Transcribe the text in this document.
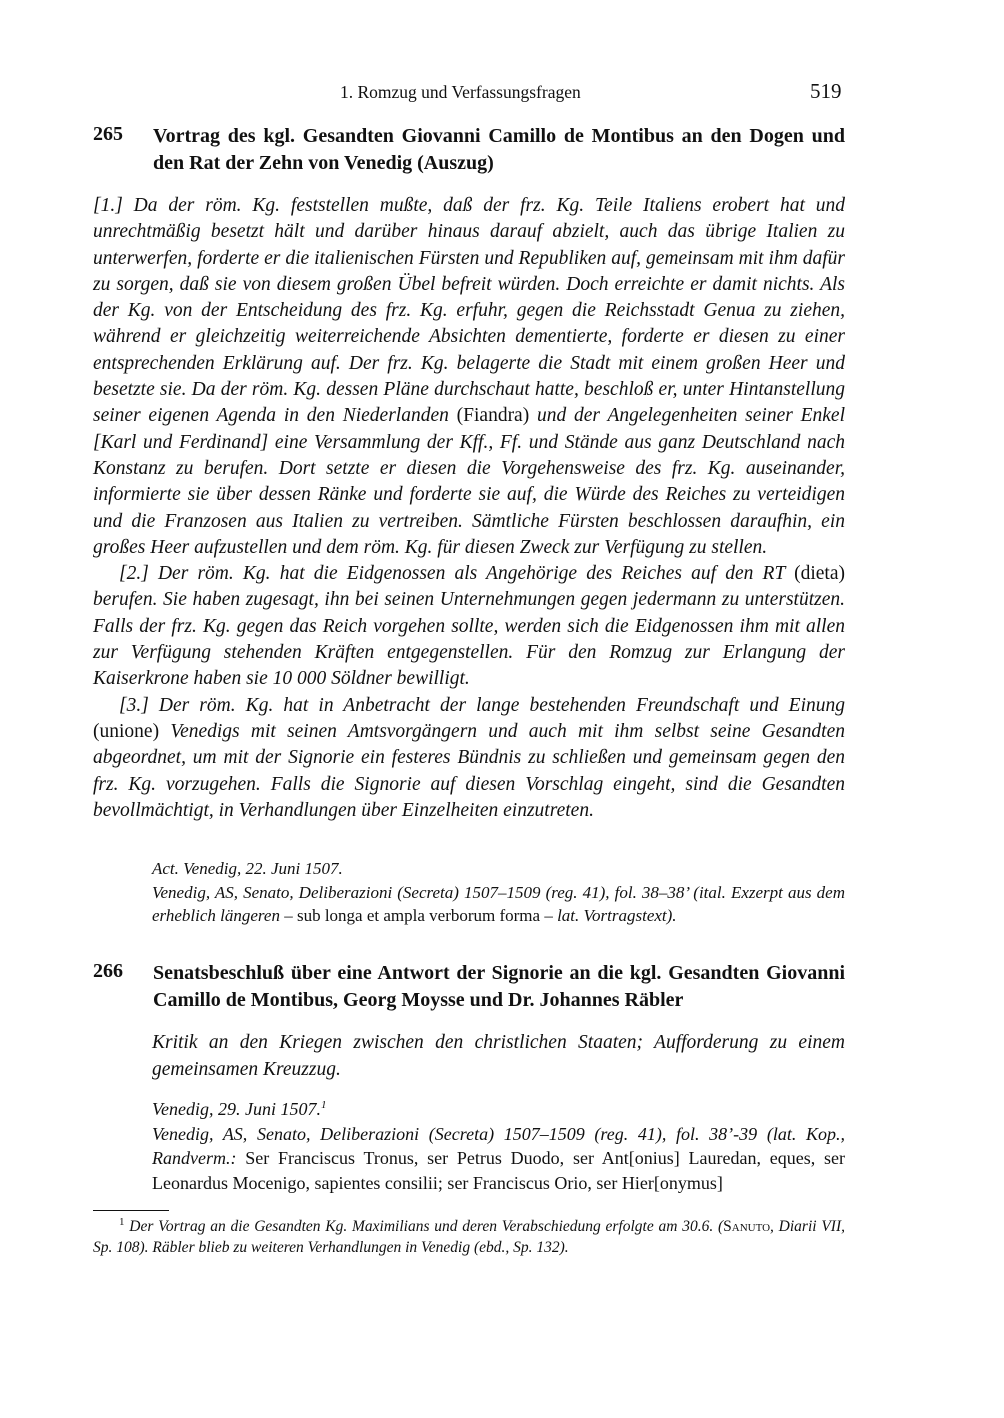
1. Romzug und Verfassungsfragen	519
265 Vortrag des kgl. Gesandten Giovanni Camillo de Montibus an den Dogen und den Rat der Zehn von Venedig (Auszug)

[1.] Da der röm. Kg. feststellen mußte, daß der frz. Kg. Teile Italiens erobert hat und unrechtmäßig besetzt hält und darüber hinaus darauf abzielt, auch das übrige Italien zu unterwerfen, forderte er die italienischen Fürsten und Republiken auf, gemeinsam mit ihm dafür zu sorgen, daß sie von diesem großen Übel befreit würden. Doch erreichte er damit nichts. Als der Kg. von der Entscheidung des frz. Kg. erfuhr, gegen die Reichsstadt Genua zu ziehen, während er gleichzeitig weiterreichende Absichten dementierte, forderte er diesen zu einer entsprechenden Erklärung auf. Der frz. Kg. belagerte die Stadt mit einem großen Heer und besetzte sie. Da der röm. Kg. dessen Pläne durchschaut hatte, beschloß er, unter Hintanstellung seiner eigenen Agenda in den Niederlanden (Fiandra) und der Angelegenheiten seiner Enkel [Karl und Ferdinand] eine Versammlung der Kff., Ff. und Stände aus ganz Deutschland nach Konstanz zu berufen. Dort setzte er diesen die Vorgehensweise des frz. Kg. auseinander, informierte sie über dessen Ränke und forderte sie auf, die Würde des Reiches zu verteidigen und die Franzosen aus Italien zu vertreiben. Sämtliche Fürsten beschlossen daraufhin, ein großes Heer aufzustellen und dem röm. Kg. für diesen Zweck zur Verfügung zu stellen.

[2.] Der röm. Kg. hat die Eidgenossen als Angehörige des Reiches auf den RT (dieta) berufen. Sie haben zugesagt, ihn bei seinen Unternehmungen gegen jedermann zu unterstützen. Falls der frz. Kg. gegen das Reich vorgehen sollte, werden sich die Eidgenossen ihm mit allen zur Verfügung stehenden Kräften entgegenstellen. Für den Romzug zur Erlangung der Kaiserkrone haben sie 10 000 Söldner bewilligt.

[3.] Der röm. Kg. hat in Anbetracht der lange bestehenden Freundschaft und Einung (unione) Venedigs mit seinen Amtsvorgängern und auch mit ihm selbst seine Gesandten abgeordnet, um mit der Signorie ein festeres Bündnis zu schließen und gemeinsam gegen den frz. Kg. vorzugehen. Falls die Signorie auf diesen Vorschlag eingeht, sind die Gesandten bevollmächtigt, in Verhandlungen über Einzelheiten einzutreten.

Act. Venedig, 22. Juni 1507.

Venedig, AS, Senato, Deliberazioni (Secreta) 1507–1509 (reg. 41), fol. 38–38’ (ital. Exzerpt aus dem erheblich längeren – sub longa et ampla verborum forma – lat. Vortragstext).

266 Senatsbeschluß über eine Antwort der Signorie an die kgl. Gesandten Giovanni Camillo de Montibus, Georg Moysse und Dr. Johannes Räbler
Kritik an den Kriegen zwischen den christlichen Staaten; Aufforderung zu einem gemeinsamen Kreuzzug.

Venedig, 29. Juni 1507.$^1$

Venedig, AS, Senato, Deliberazioni (Secreta) 1507–1509 (reg. 41), fol. 38’-39 (lat. Kop., Randverm.: Ser Franciscus Tronus, ser Petrus Duodo, ser Ant[onius] Lauredan, eques, ser Leonardus Mocenigo, sapientes consilii; ser Franciscus Orio, ser Hier[onymus]

$^1$ Der Vortrag an die Gesandten Kg. Maximilians und deren Verabschiedung erfolgte am 30.6. (Sanuto, Diarii VII, Sp. 108). Räbler blieb zu weiteren Verhandlungen in Venedig (ebd., Sp. 132).
